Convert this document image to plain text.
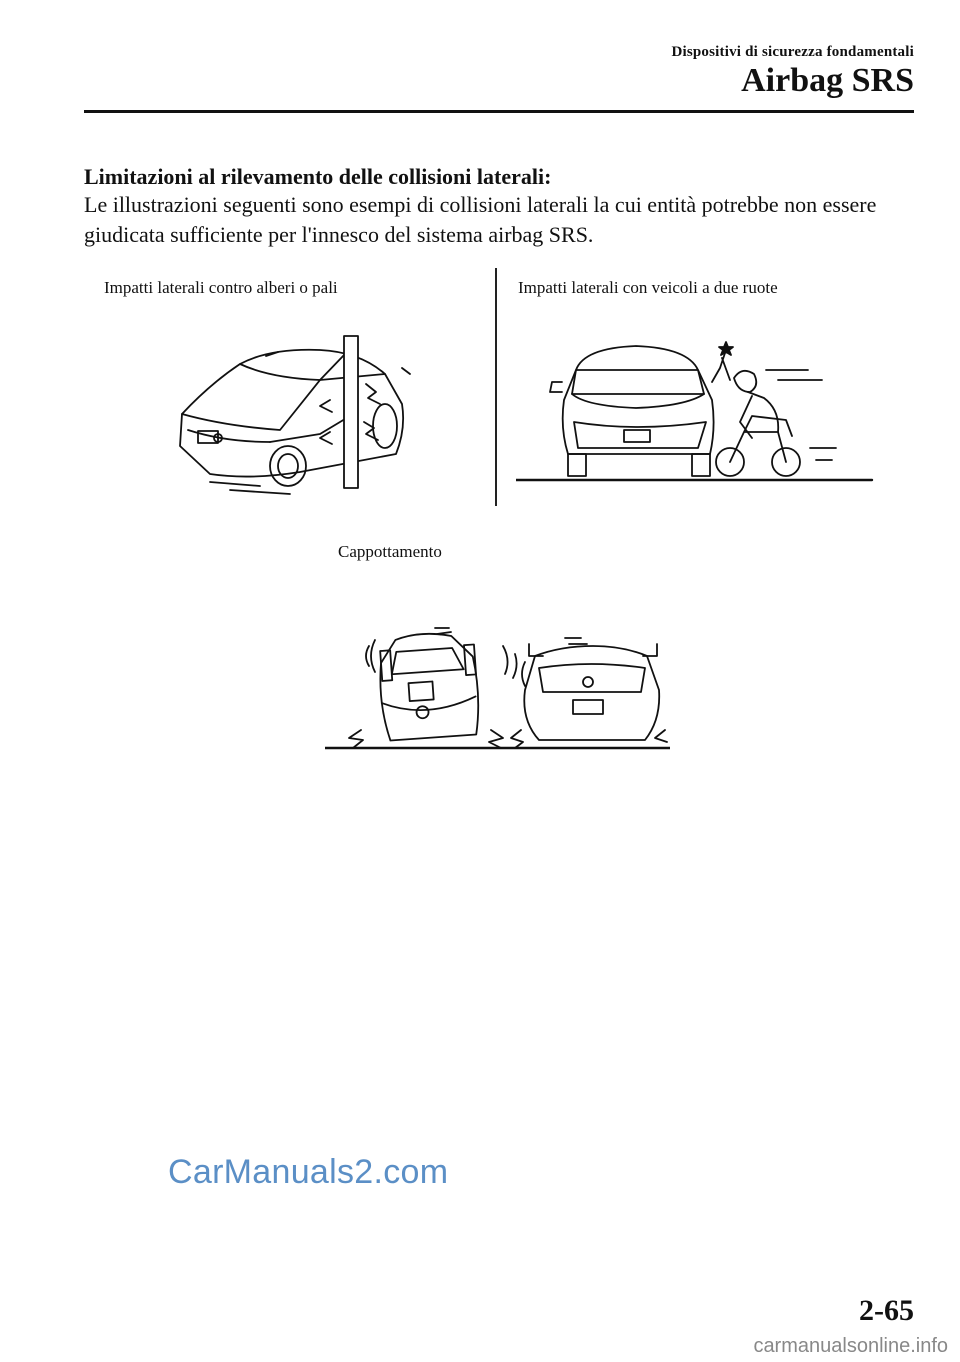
Dispositivi di sicurezza fondamentali
Airbag SRS
Limitazioni al rilevamento delle collisioni laterali:
Le illustrazioni seguenti sono esempi di collisioni laterali la cui entità potrebbe non essere giudicata sufficiente per l'innesco del sistema airbag SRS.
Impatti laterali contro alberi o pali	Impatti laterali con veicoli a due ruote
Cappottamento
CarManuals2.com
2-65
carmanualsonline.info
